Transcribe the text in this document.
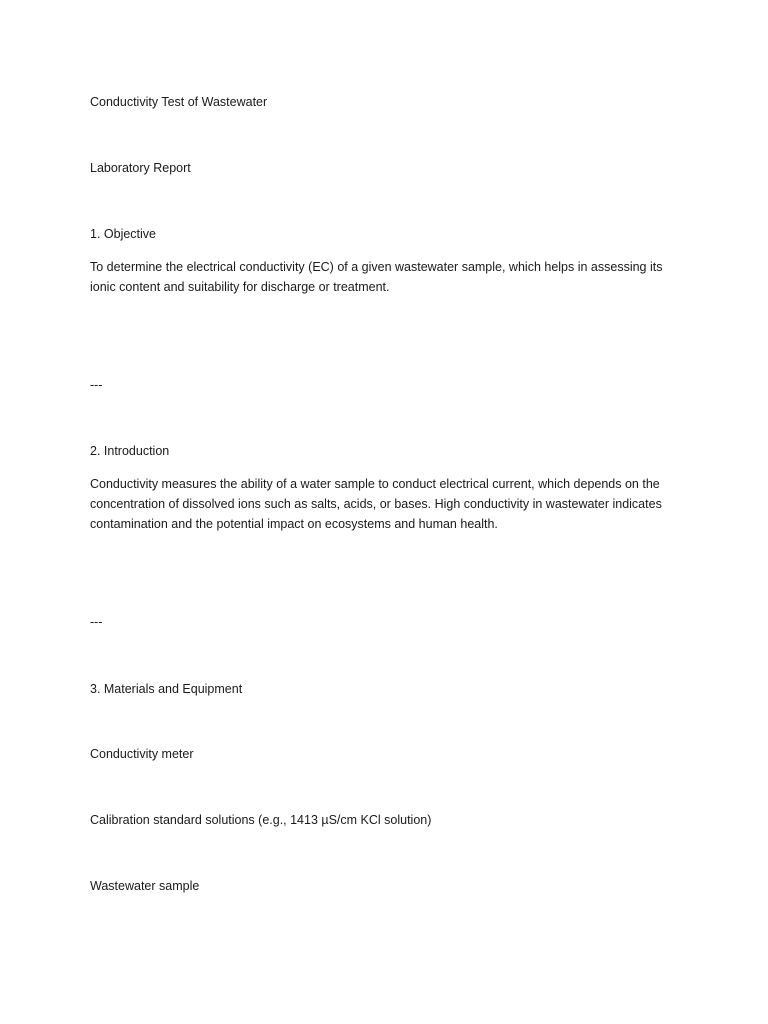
Conductivity Test of Wastewater

Laboratory Report

1. Objective

To determine the electrical conductivity (EC) of a given wastewater sample, which helps in assessing its
ionic content and suitability for discharge or treatment.

---

2. Introduction

Conductivity measures the ability of a water sample to conduct electrical current, which depends on the
concentration of dissolved ions such as salts, acids, or bases. High conductivity in wastewater indicates
contamination and the potential impact on ecosystems and human health.

---

3. Materials and Equipment

Conductivity meter

Calibration standard solutions (e.g., 1413 µS/cm KCl solution)

Wastewater sample
